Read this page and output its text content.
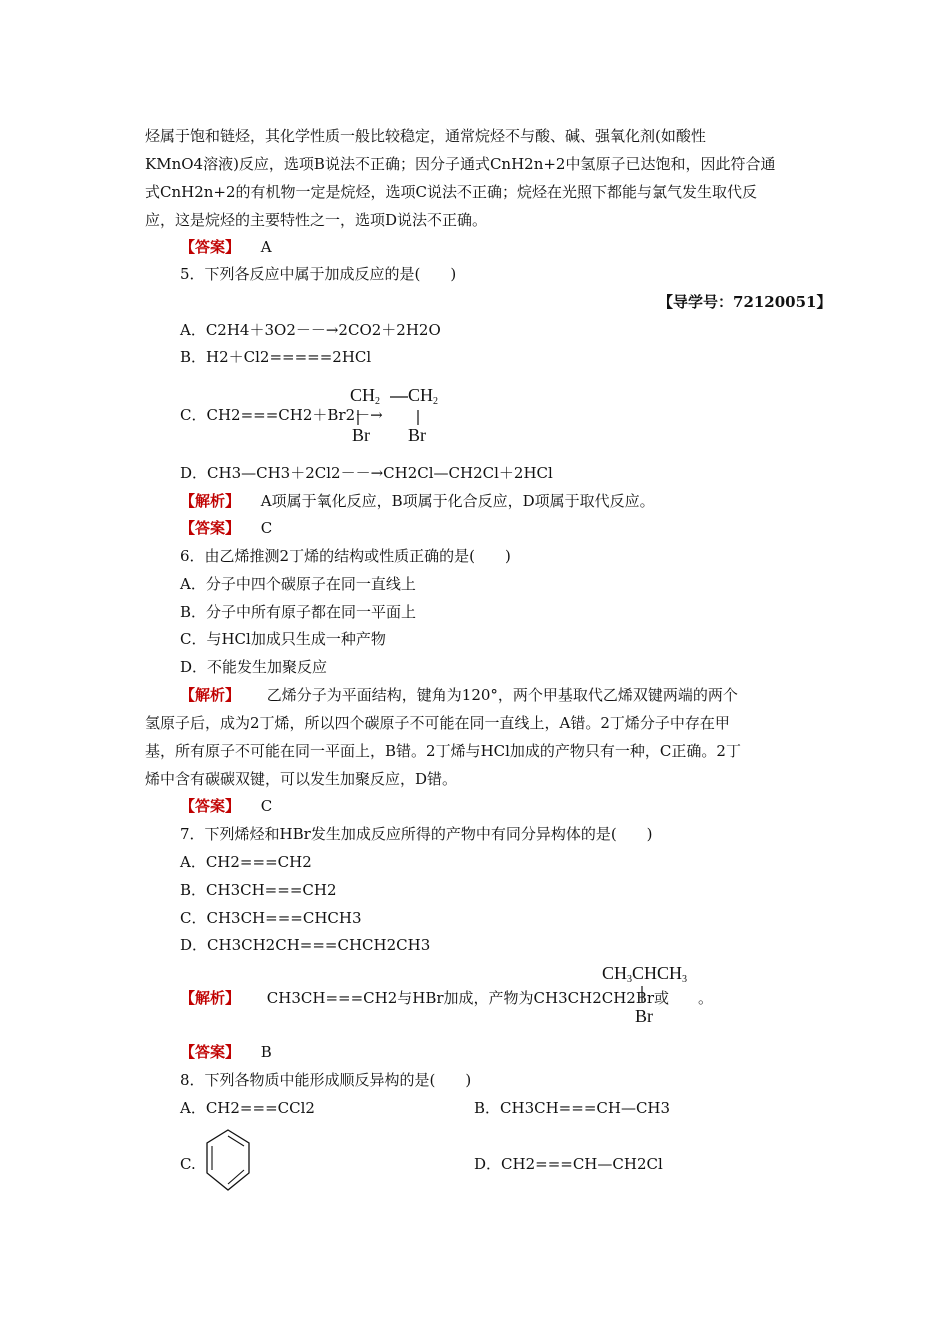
烃属于饱和链烃，其化学性质一般比较稳定，通常烷烃不与酸、碱、强氧化剂(如酸性
KMnO4溶液)反应，选项B说法不正确；因分子通式CnH2n+2中氢原子已达饱和，因此符合通
式CnH2n+2的有机物一定是烷烃，选项C说法不正确；烷烃在光照下都能与氯气发生取代反
应，这是烷烃的主要特性之一，选项D说法不正确。
【答案】 A
5．下列各反应中属于加成反应的是(　　)
【导学号：72120051】
A．C2H4＋3O2－－→2CO2＋2H2O
B．H2＋Cl2=====2HCl
C．CH2===CH2＋Br2－→
$CH_2$ $CH_2$
Br Br
D．CH3—CH3＋2Cl2－－→CH2Cl—CH2Cl＋2HCl
【解析】 A项属于氧化反应，B项属于化合反应，D项属于取代反应。
【答案】 C
6．由乙烯推测2丁烯的结构或性质正确的是(　　)
A．分子中四个碳原子在同一直线上
B．分子中所有原子都在同一平面上
C．与HCl加成只生成一种产物
D．不能发生加聚反应
【解析】 乙烯分子为平面结构，键角为120°，两个甲基取代乙烯双键两端的两个
氢原子后，成为2丁烯，所以四个碳原子不可能在同一直线上，A错。2丁烯分子中存在甲
基，所有原子不可能在同一平面上，B错。2丁烯与HCl加成的产物只有一种，C正确。2丁
烯中含有碳碳双键，可以发生加聚反应，D错。
【答案】 C
7．下列烯烃和HBr发生加成反应所得的产物中有同分异构体的是(　　)
A．CH2===CH2
B．CH3CH===CH2
C．CH3CH===CHCH3
D．CH3CH2CH===CHCH2CH3
【解析】 CH3CH===CH2与HBr加成，产物为CH3CH2CH2Br或
$CH_3CHCH_3$
Br
。
【答案】 B
8．下列各物质中能形成顺反异构的是(　　)
A．CH2===CCl2	B．CH3CH===CH—CH3
C.	D．CH2===CH—CH2Cl
